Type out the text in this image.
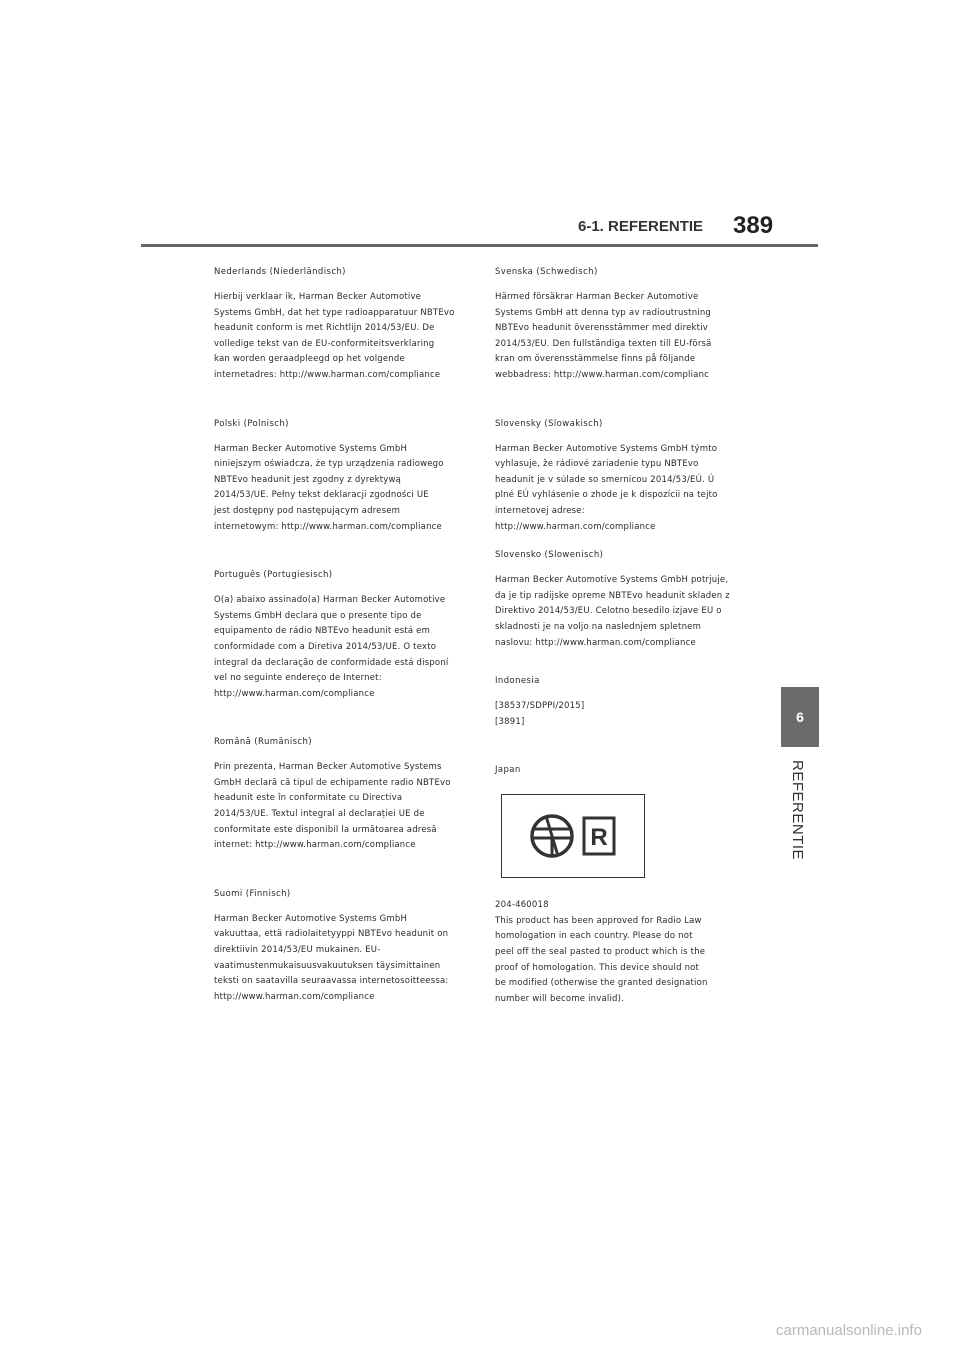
6-1. REFERENTIE 389

Nederlands (Niederländisch)

Hierbij verklaar ik, Harman Becker Automotive
Systems GmbH, dat het type radioapparatuur NBTEvo
headunit conform is met Richtlijn 2014/53/EU. De
volledige tekst van de EU-conformiteitsverklaring
kan worden geraadpleegd op het volgende
internetadres: http://www.harman.com/compliance

Polski (Polnisch)

Harman Becker Automotive Systems GmbH
niniejszym oświadcza, że typ urządzenia radiowego
NBTEvo headunit jest zgodny z dyrektywą
2014/53/UE. Pełny tekst deklaracji zgodności UE
jest dostępny pod następującym adresem
internetowym: http://www.harman.com/compliance

Português (Portugiesisch)

O(a) abaixo assinado(a) Harman Becker Automotive
Systems GmbH declara que o presente tipo de
equipamento de rádio NBTEvo headunit está em
conformidade com a Diretiva 2014/53/UE. O texto
integral da declaração de conformidade está disponí
vel no seguinte endereço de Internet:
http://www.harman.com/compliance

Română (Rumänisch)

Prin prezenta, Harman Becker Automotive Systems
GmbH declară că tipul de echipamente radio NBTEvo
headunit este în conformitate cu Directiva
2014/53/UE. Textul integral al declarației UE de
conformitate este disponibil la următoarea adresă
internet: http://www.harman.com/compliance

Suomi (Finnisch)

Harman Becker Automotive Systems GmbH
vakuuttaa, että radiolaitetyyppi NBTEvo headunit on
direktiivin 2014/53/EU mukainen. EU-
vaatimustenmukaisuusvakuutuksen täysimittainen
teksti on saatavilla seuraavassa internetosoitteessa:
http://www.harman.com/compliance

Svenska (Schwedisch)

Härmed försäkrar Harman Becker Automotive
Systems GmbH att denna typ av radioutrustning
NBTEvo headunit överensstämmer med direktiv
2014/53/EU. Den fullständiga texten till EU-försä
kran om överensstämmelse finns på följande
webbadress: http://www.harman.com/complianc

Slovensky (Slowakisch)

Harman Becker Automotive Systems GmbH týmto
vyhlasuje, že rádiové zariadenie typu NBTEvo
headunit je v súlade so smernicou 2014/53/EÚ. Ú
plné EÚ vyhlásenie o zhode je k dispozícii na tejto
internetovej adrese:
http://www.harman.com/compliance

Slovensko (Slowenisch)

Harman Becker Automotive Systems GmbH potrjuje,
da je tip radijske opreme NBTEvo headunit skladen z
Direktivo 2014/53/EU. Celotno besedilo izjave EU o
skladnosti je na voljo na naslednjem spletnem
naslovu: http://www.harman.com/compliance

Indonesia

[38537/SDPPI/2015]
[3891]

Japan

R

204-460018
This product has been approved for Radio Law
homologation in each country. Please do not
peel off the seal pasted to product which is the
proof of homologation. This device should not
be modified (otherwise the granted designation
number will become invalid).

6
REFERENTIE
carmanualsonline.info
